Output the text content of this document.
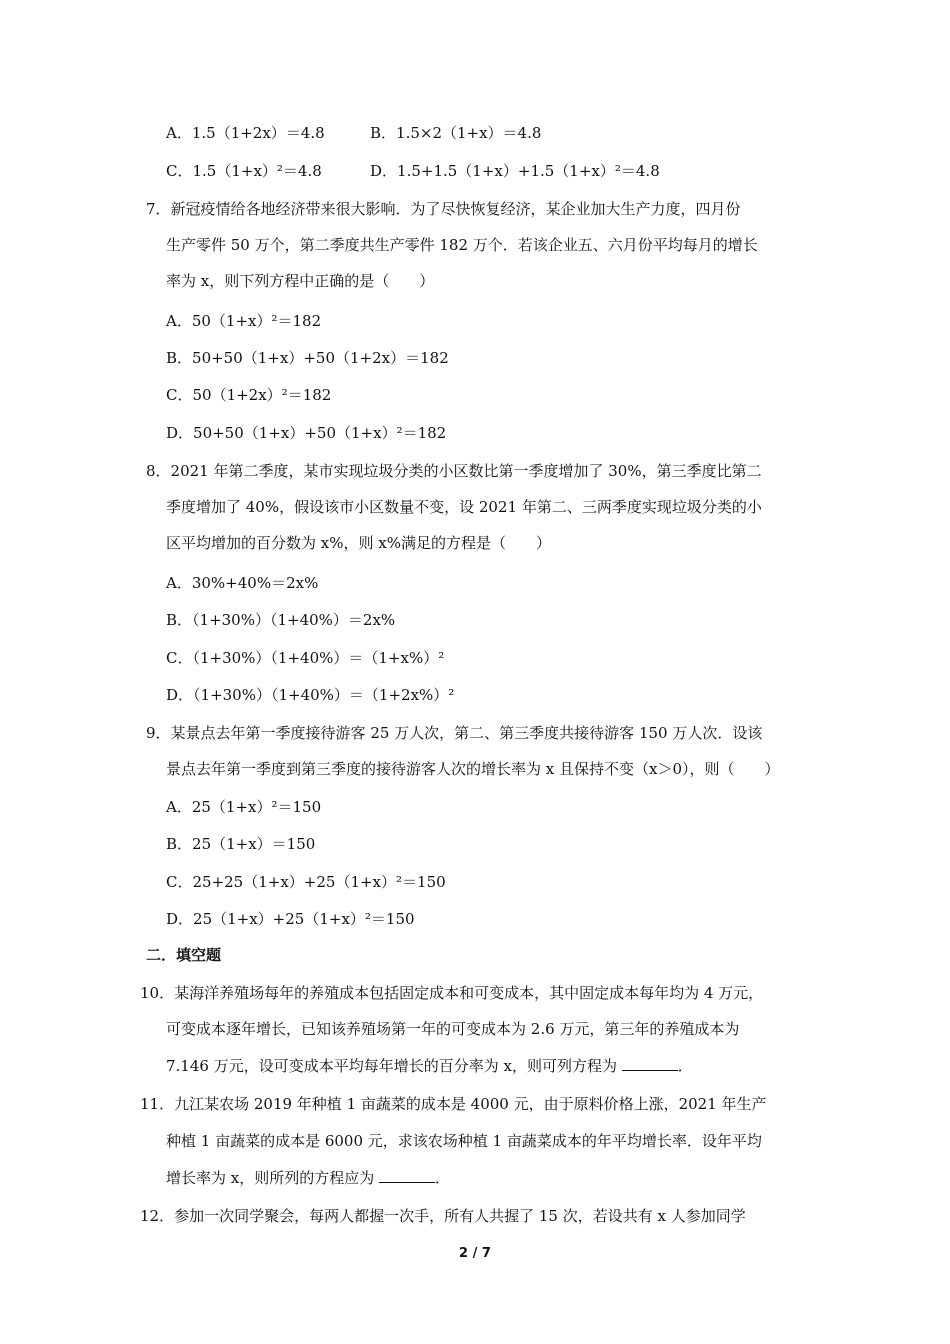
A．1.5（1+2x）＝4.8	B．1.5×2（1+x）＝4.8
C．1.5（1+x）²＝4.8	D．1.5+1.5（1+x）+1.5（1+x）²＝4.8
7．新冠疫情给各地经济带来很大影响．为了尽快恢复经济，某企业加大生产力度，四月份
生产零件 50 万个，第二季度共生产零件 182 万个．若该企业五、六月份平均每月的增长
率为 x，则下列方程中正确的是（　　）
A．50（1+x）²＝182
B．50+50（1+x）+50（1+2x）＝182
C．50（1+2x）²＝182
D．50+50（1+x）+50（1+x）²＝182
8．2021 年第二季度，某市实现垃圾分类的小区数比第一季度增加了 30%，第三季度比第二
季度增加了 40%，假设该市小区数量不变，设 2021 年第二、三两季度实现垃圾分类的小
区平均增加的百分数为 x%，则 x%满足的方程是（　　）
A．30%+40%＝2x%
B．（1+30%）（1+40%）＝2x%
C．（1+30%）（1+40%）＝（1+x%）²
D．（1+30%）（1+40%）＝（1+2x%）²
9．某景点去年第一季度接待游客 25 万人次，第二、第三季度共接待游客 150 万人次．设该
景点去年第一季度到第三季度的接待游客人次的增长率为 x 且保持不变（x＞0），则（　　）
A．25（1+x）²＝150
B．25（1+x）＝150
C．25+25（1+x）+25（1+x）²＝150
D．25（1+x）+25（1+x）²＝150
二．填空题
10．某海洋养殖场每年的养殖成本包括固定成本和可变成本，其中固定成本每年均为 4 万元，
可变成本逐年增长，已知该养殖场第一年的可变成本为 2.6 万元，第三年的养殖成本为
7.146 万元，设可变成本平均每年增长的百分率为 x，则可列方程为	．
11．九江某农场 2019 年种植 1 亩蔬菜的成本是 4000 元，由于原料价格上涨，2021 年生产
种植 1 亩蔬菜的成本是 6000 元，求该农场种植 1 亩蔬菜成本的年平均增长率．设年平均
增长率为 x，则所列的方程应为	．
12．参加一次同学聚会，每两人都握一次手，所有人共握了 15 次，若设共有 x 人参加同学
2 / 7
